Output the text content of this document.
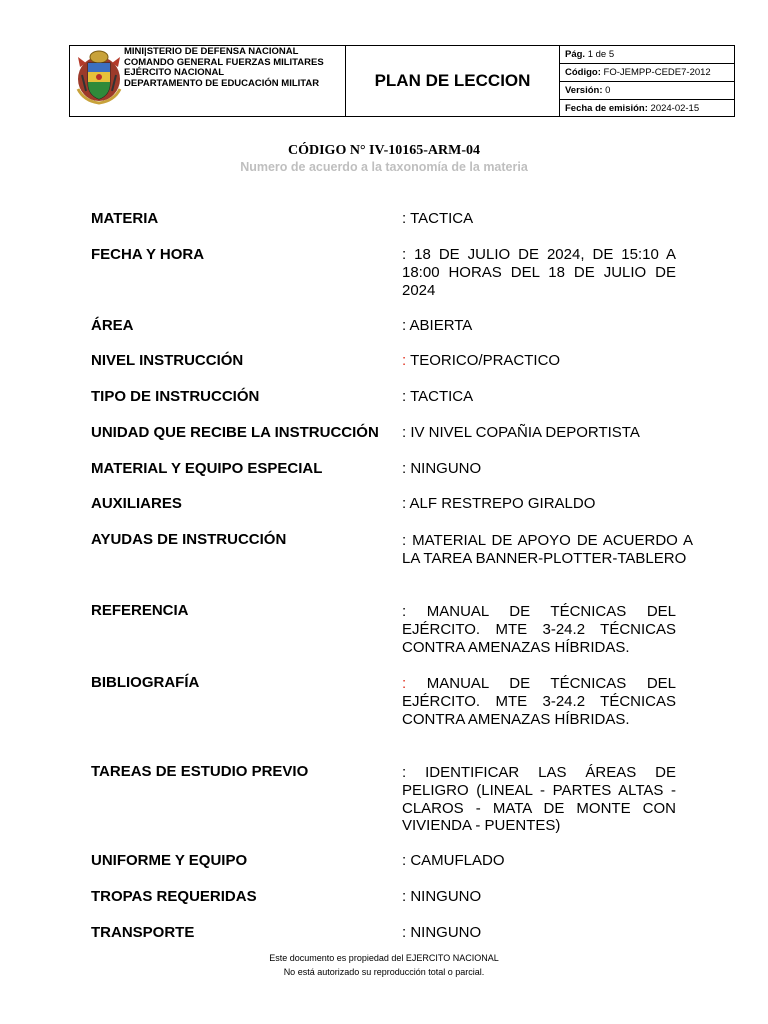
MINI|STERIO DE DEFENSA NACIONAL
COMANDO GENERAL FUERZAS MILITARES
EJÉRCITO NACIONAL
DEPARTAMENTO DE EDUCACIÓN MILITAR	PLAN DE LECCION
Pág. 1 de 5
Código: FO-JEMPP-CEDE7-2012
Versión: 0
Fecha de emisión: 2024-02-15
CÓDIGO N° IV-10165-ARM-04
Numero de acuerdo a la taxonomía de la materia
MATERIA	: TACTICA
FECHA Y HORA	: 18 DE JULIO DE 2024, DE 15:10 A 18:00 HORAS DEL 18 DE JULIO DE 2024
ÁREA	: ABIERTA
NIVEL INSTRUCCIÓN	: TEORICO/PRACTICO
TIPO DE INSTRUCCIÓN	: TACTICA
UNIDAD QUE RECIBE LA INSTRUCCIÓN : IV NIVEL COPAÑIA DEPORTISTA
MATERIAL Y EQUIPO ESPECIAL	: NINGUNO
AUXILIARES	: ALF RESTREPO GIRALDO
AYUDAS DE INSTRUCCIÓN	: MATERIAL DE APOYO DE ACUERDO A LA TAREA BANNER-PLOTTER-TABLERO
REFERENCIA	: MANUAL DE TÉCNICAS DEL EJÉRCITO. MTE 3-24.2 TÉCNICAS CONTRA AMENAZAS HÍBRIDAS.
BIBLIOGRAFÍA	: MANUAL DE TÉCNICAS DEL EJÉRCITO. MTE 3-24.2 TÉCNICAS CONTRA AMENAZAS HÍBRIDAS.
TAREAS DE ESTUDIO PREVIO	: IDENTIFICAR LAS ÁREAS DE PELIGRO (LINEAL - PARTES ALTAS - CLAROS - MATA DE MONTE CON VIVIENDA - PUENTES)
UNIFORME Y EQUIPO	: CAMUFLADO
TROPAS REQUERIDAS	: NINGUNO
TRANSPORTE	: NINGUNO
Este documento es propiedad del EJERCITO NACIONAL
No está autorizado su reproducción total o parcial.
